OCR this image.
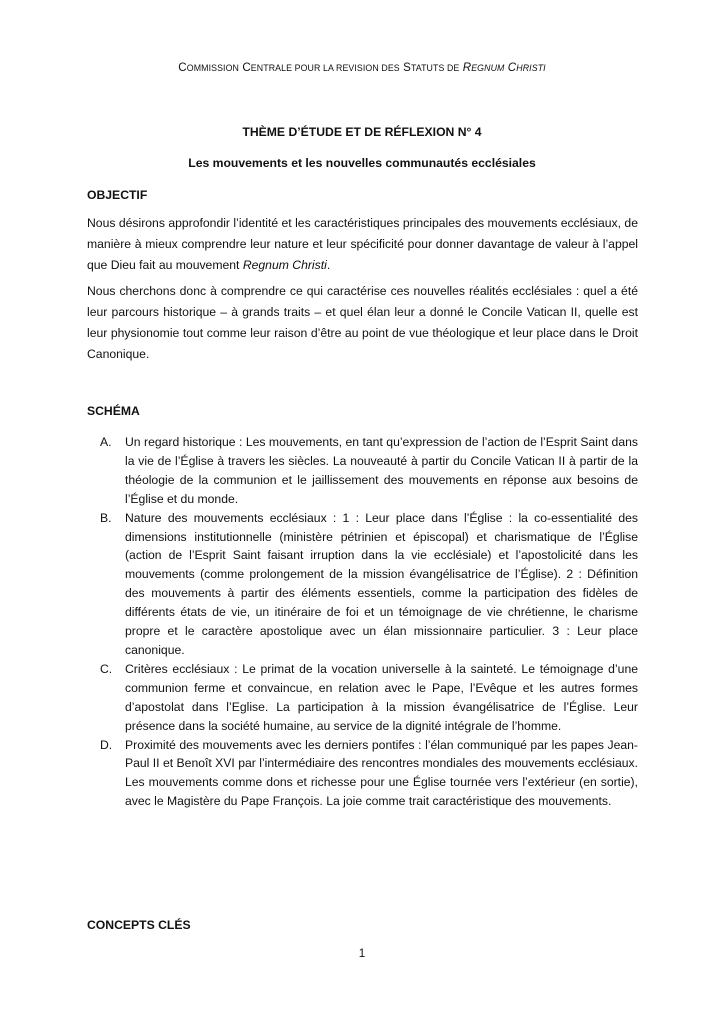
COMMISSION CENTRALE POUR LA REVISION DES STATUTS DE REGNUM CHRISTI
THÈME D’ÉTUDE ET DE RÉFLEXION N° 4
Les mouvements et les nouvelles communautés ecclésiales
OBJECTIF

Nous désirons approfondir l’identité et les caractéristiques principales des mouvements ecclésiaux, de manière à mieux comprendre leur nature et leur spécificité pour donner davantage de valeur à l’appel que Dieu fait au mouvement Regnum Christi.

Nous cherchons donc à comprendre ce qui caractérise ces nouvelles réalités ecclésiales : quel a été leur parcours historique – à grands traits – et quel élan leur a donné le Concile Vatican II, quelle est leur physionomie tout comme leur raison d’être au point de vue théologique et leur place dans le Droit Canonique.

SCHÉMA
A. Un regard historique : Les mouvements, en tant qu’expression de l’action de l’Esprit Saint dans la vie de l’Église à travers les siècles. La nouveauté à partir du Concile Vatican II à partir de la théologie de la communion et le jaillissement des mouvements en réponse aux besoins de l’Église et du monde.
B. Nature des mouvements ecclésiaux : 1 : Leur place dans l’Église : la co-essentialité des dimensions institutionnelle (ministère pétrinien et épiscopal) et charismatique de l’Église (action de l’Esprit Saint faisant irruption dans la vie ecclésiale) et l’apostolicité dans les mouvements (comme prolongement de la mission évangélisatrice de l’Église). 2 : Définition des mouvements à partir des éléments essentiels, comme la participation des fidèles de différents états de vie, un itinéraire de foi et un témoignage de vie chrétienne, le charisme propre et le caractère apostolique avec un élan missionnaire particulier. 3 : Leur place canonique.
C. Critères ecclésiaux : Le primat de la vocation universelle à la sainteté. Le témoignage d’une communion ferme et convaincue, en relation avec le Pape, l’Evêque et les autres formes d’apostolat dans l’Eglise. La participation à la mission évangélisatrice de l’Église. Leur présence dans la société humaine, au service de la dignité intégrale de l’homme.
D. Proximité des mouvements avec les derniers pontifes : l’élan communiqué par les papes Jean-Paul II et Benoît XVI par l’intermédiaire des rencontres mondiales des mouvements ecclésiaux. Les mouvements comme dons et richesse pour une Église tournée vers l’extérieur (en sortie), avec le Magistère du Pape François. La joie comme trait caractéristique des mouvements.
CONCEPTS CLÉS
1
